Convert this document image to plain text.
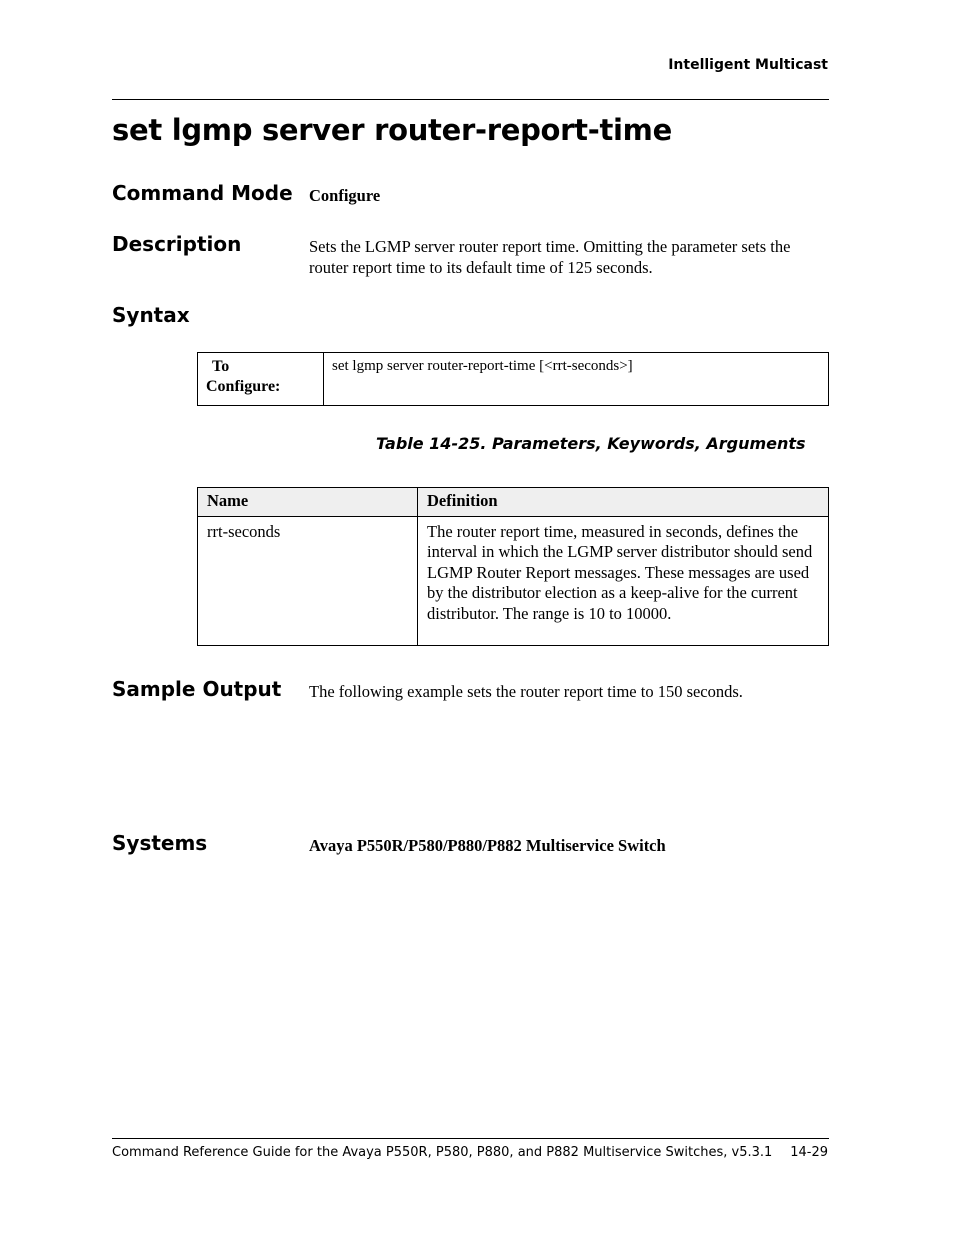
Intelligent Multicast
set lgmp server router-report-time
Command Mode Configure
Description	Sets the LGMP server router report time. Omitting the parameter sets the router report time to its default time of 125 seconds.
Syntax
To
Configure:
	set lgmp server router-report-time [<rrt-seconds>]
Table 14-25. Parameters, Keywords, Arguments
Name	Definition
rrt-seconds	The router report time, measured in seconds, defines the interval in which the LGMP server distributor should send LGMP Router Report messages. These messages are used by the distributor election as a keep-alive for the current distributor. The range is 10 to 10000.
Sample Output The following example sets the router report time to 150 seconds.
Systems	Avaya P550R/P580/P880/P882 Multiservice Switch
Command Reference Guide for the Avaya P550R, P580, P880, and P882 Multiservice Switches, v5.3.1 14-29
